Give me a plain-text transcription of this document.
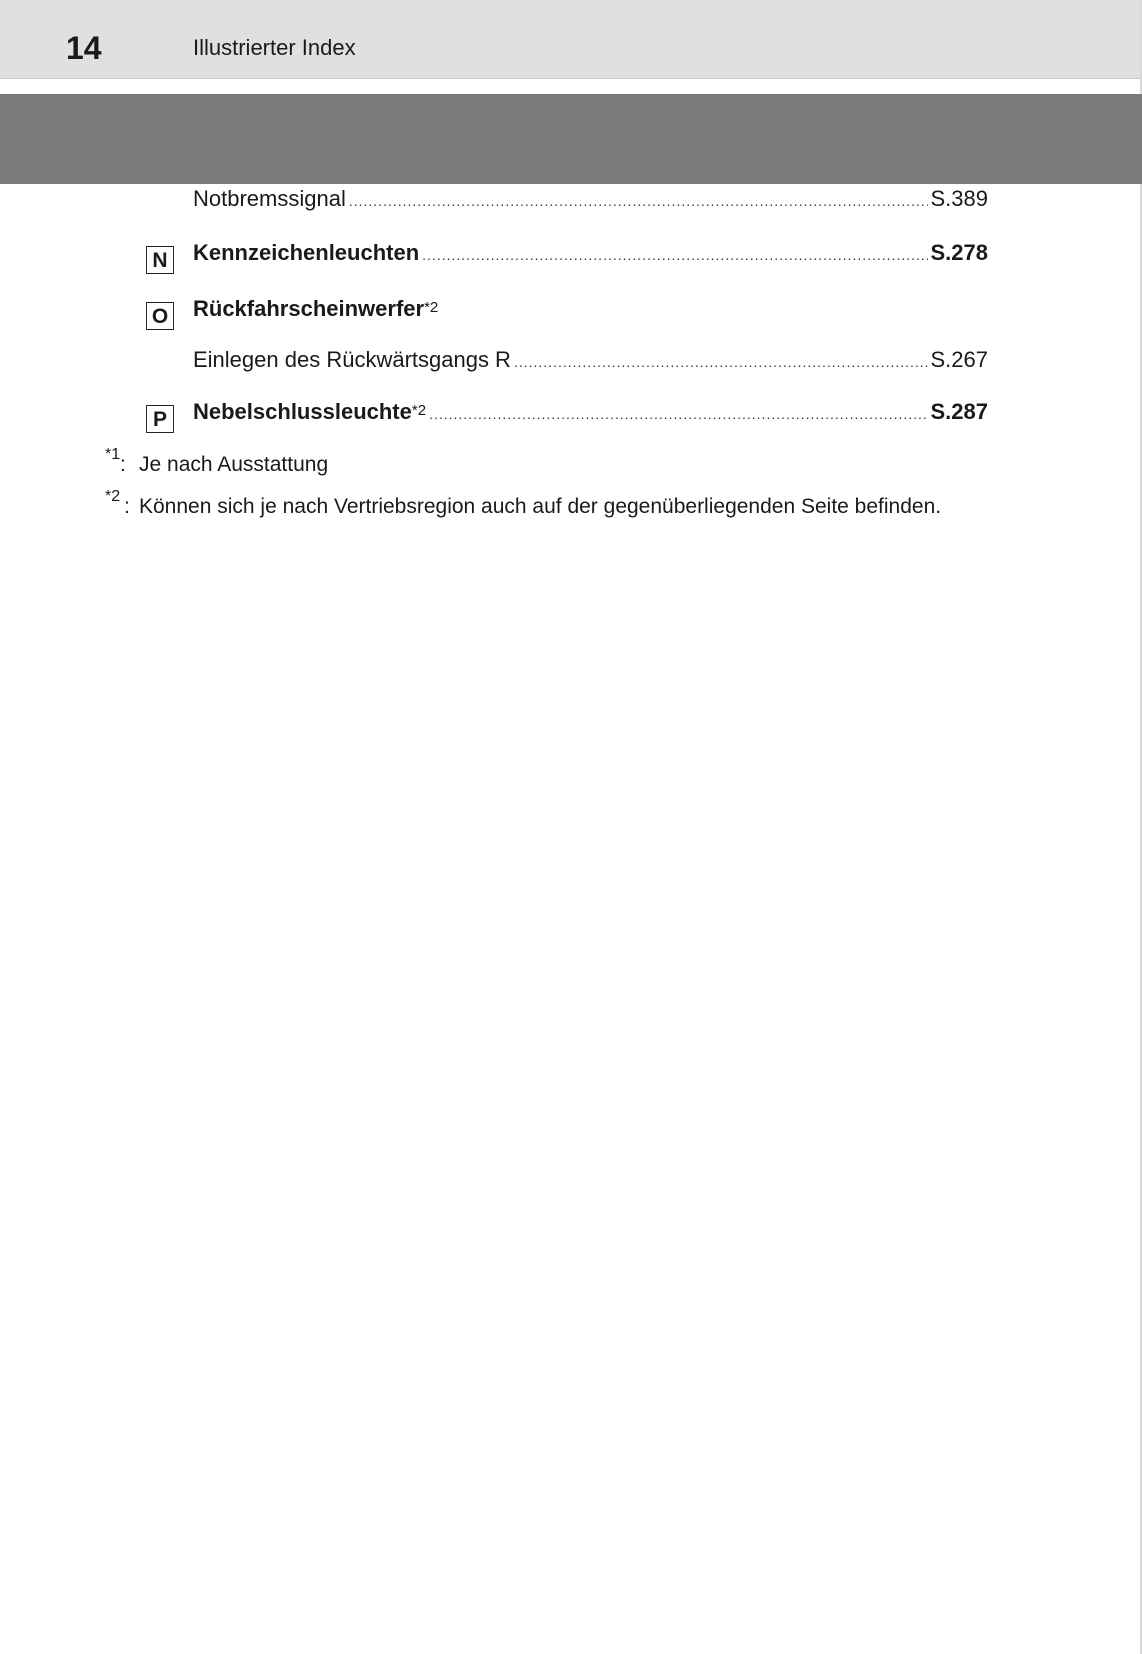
14	Illustrierter Index
Notbremssignal .....	S.389
N Kennzeichenleuchten .....	S.278
O Rückfahrscheinwerfer$^{*2}$
Einlegen des Rückwärtsgangs R .....	S.267
P	Nebelschlussleuchte$^{*2}$ .....	S.287
*1 : Je nach Ausstattung
*2 : Können sich je nach Vertriebsregion auch auf der gegenüberliegenden Seite befinden.
